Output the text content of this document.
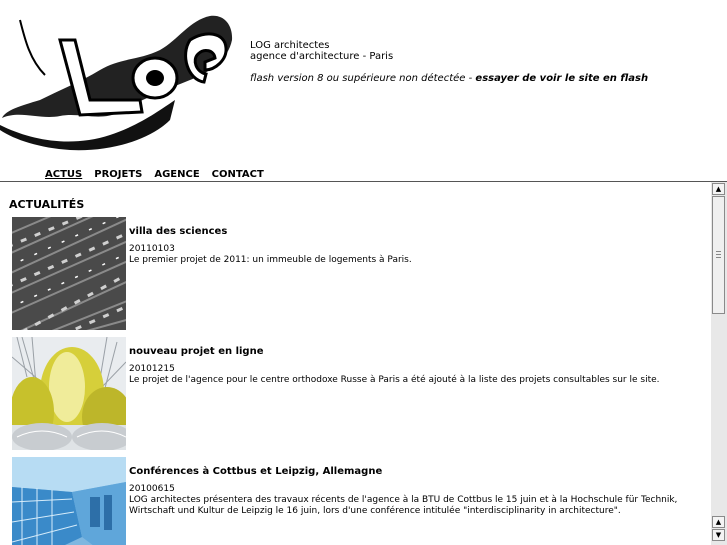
LOG architectes
agence d'architecture - Paris
flash version 8 ou supérieure non détectée - essayer de voir le site en flash
ACTUS PROJETS AGENCE CONTACT
ACTUALITÉS
villa des sciences
20110103
Le premier projet de 2011: un immeuble de logements à Paris.
nouveau projet en ligne
20101215
Le projet de l'agence pour le centre orthodoxe Russe à Paris a été ajouté à la liste des projets consultables sur le site.
Conférences à Cottbus et Leipzig, Allemagne
20100615
LOG architectes présentera des travaux récents de l'agence à la BTU de Cottbus le 15 juin et à la Hochschule für Technik,
Wirtschaft und Kultur de Leipzig le 16 juin, lors d'une conférence intitulée "interdisciplinarity in architecture".
▲
▲
▼
